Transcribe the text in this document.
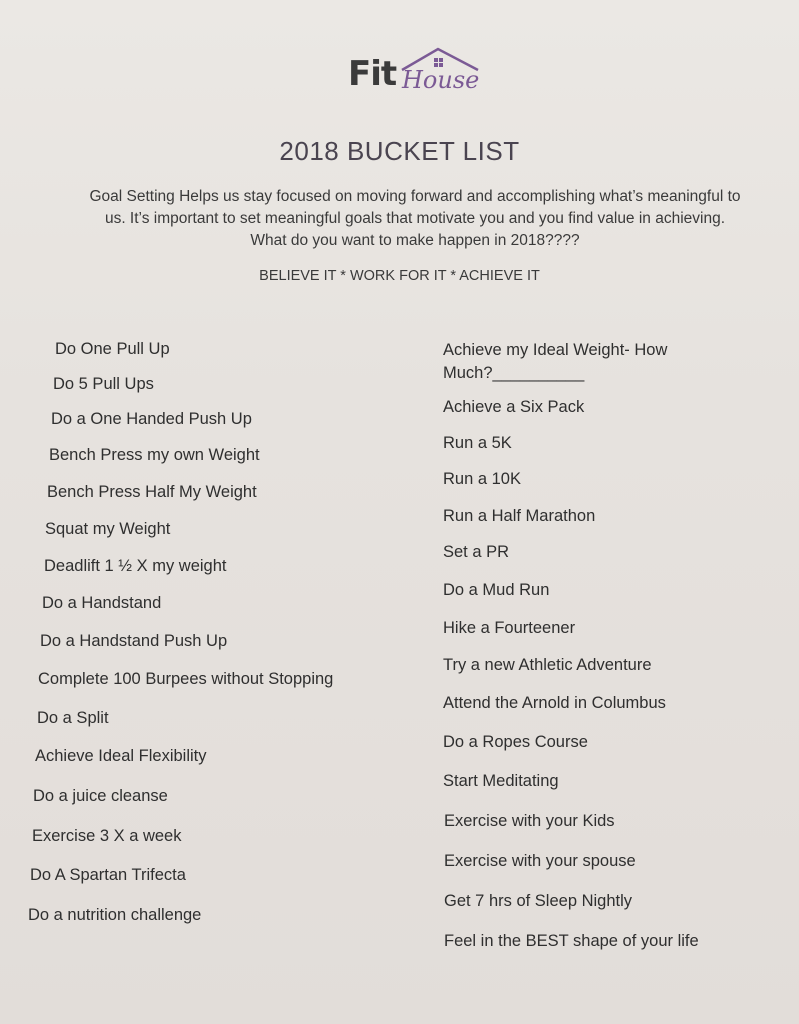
Fit House
2018 BUCKET LIST

Goal Setting Helps us stay focused on moving forward and accomplishing what’s meaningful to

us. It’s important to set meaningful goals that motivate you and you find value in achieving.

What do you want to make happen in 2018????

BELIEVE IT * WORK FOR IT * ACHIEVE IT
Do One Pull Up
Do 5 Pull Ups
Do a One Handed Push Up
Bench Press my own Weight
Bench Press Half My Weight
Squat my Weight
Deadlift 1 ½ X my weight
Do a Handstand
Do a Handstand Push Up
Complete 100 Burpees without Stopping
Do a Split
Achieve Ideal Flexibility
Do a juice cleanse
Exercise 3 X a week
Do A Spartan Trifecta
Do a nutrition challenge
Achieve my Ideal Weight- How Much?__________
Achieve a Six Pack
Run a 5K
Run a 10K
Run a Half Marathon
Set a PR
Do a Mud Run
Hike a Fourteener
Try a new Athletic Adventure
Attend the Arnold in Columbus
Do a Ropes Course
Start Meditating
Exercise with your Kids
Exercise with your spouse
Get 7 hrs of Sleep Nightly
Feel in the BEST shape of your life
